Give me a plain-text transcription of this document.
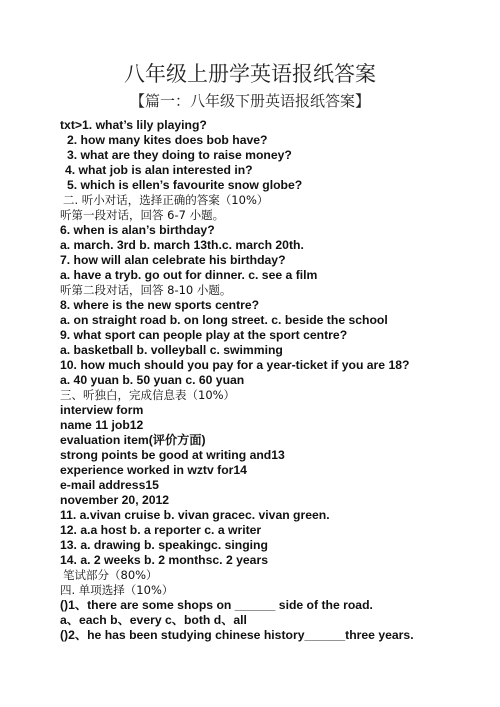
八年级上册学英语报纸答案
【篇一：八年级下册英语报纸答案】
txt>1. what’s lily playing?
2. how many kites does bob have?
3. what are they doing to raise money?
4. what job is alan interested in?
5. which is ellen’s favourite snow globe?
二. 听小对话，选择正确的答案（10%）
听第一段对话，回答 6-7 小题。
6. when is alan’s birthday?
a. march. 3rd b. march 13th.c. march 20th.
7. how will alan celebrate his birthday?
a. have a tryb. go out for dinner. c. see a film
听第二段对话，回答 8-10 小题。
8. where is the new sports centre?
a. on straight road b. on long street. c. beside the school
9. what sport can people play at the sport centre?
a. basketball b. volleyball c. swimming
10. how much should you pay for a year-ticket if you are 18?
a. 40 yuan b. 50 yuan c. 60 yuan
三、听独白，完成信息表（10%）
interview form
name 11 job12
evaluation item(评价方面)
strong points be good at writing and13
experience worked in wztv for14
e-mail address15
november 20, 2012
11. a.vivan cruise b. vivan gracec. vivan green.
12. a.a host b. a reporter c. a writer
13. a. drawing b. speakingc. singing
14. a. 2 weeks b. 2 monthsc. 2 years
笔试部分（80%）
四. 单项选择（10%）
()1、there are some shops on ______ side of the road.
a、each b、every c、both d、all
()2、he has been studying chinese history______three years.
